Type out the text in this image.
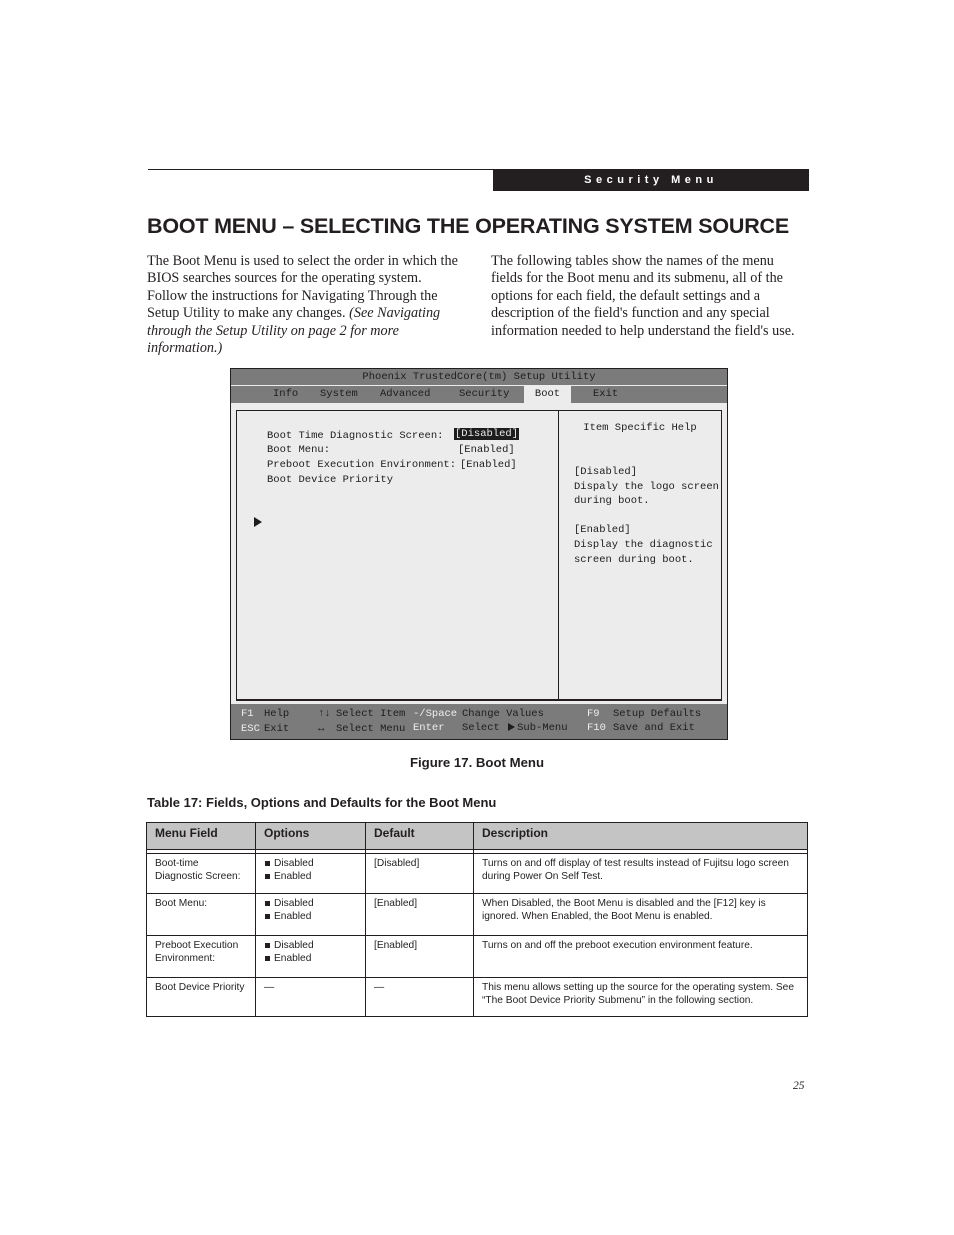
Security Menu
BOOT MENU – SELECTING THE OPERATING SYSTEM SOURCE
The Boot Menu is used to select the order in which the BIOS searches sources for the operating system. Follow the instructions for Navigating Through the Setup Utility to make any changes. (See Navigating through the Setup Utility on page 2 for more information.)
The following tables show the names of the menu fields for the Boot menu and its submenu, all of the options for each field, the default settings and a description of the field's function and any special information needed to help understand the field's use.
Phoenix TrustedCore(tm) Setup Utility
Info System Advanced	Security	Boot	Exit
Boot Time Diagnostic Screen: [Disabled]
Boot Menu:	[Enabled]
Preboot Execution Environment: [Enabled]
Boot Device Priority
Item Specific Help
[Disabled]
Dispaly the logo screen
during boot.

[Enabled]
Display the diagnostic
screen during boot.
F1 Help	↑↓ Select Item -/Space Change Values	F9 Setup Defaults
ESC Exit	↔ Select Menu Enter Select Sub-Menu F10 Save and Exit
Figure 17. Boot Menu
Table 17: Fields, Options and Defaults for the Boot Menu
Menu Field	Options	Default	Description

Boot-time Diagnostic Screen:	Disabled
Enabled	[Disabled]	Turns on and off display of test results instead of Fujitsu logo screen during Power On Self Test.
Boot Menu:	Disabled
Enabled	[Enabled]	When Disabled, the Boot Menu is disabled and the [F12] key is ignored. When Enabled, the Boot Menu is enabled.
Preboot Execution Environment:	Disabled
Enabled	[Enabled]	Turns on and off the preboot execution environment feature.
Boot Device Priority	—	—	This menu allows setting up the source for the operating system. See “The Boot Device Priority Submenu” in the following section.
25
